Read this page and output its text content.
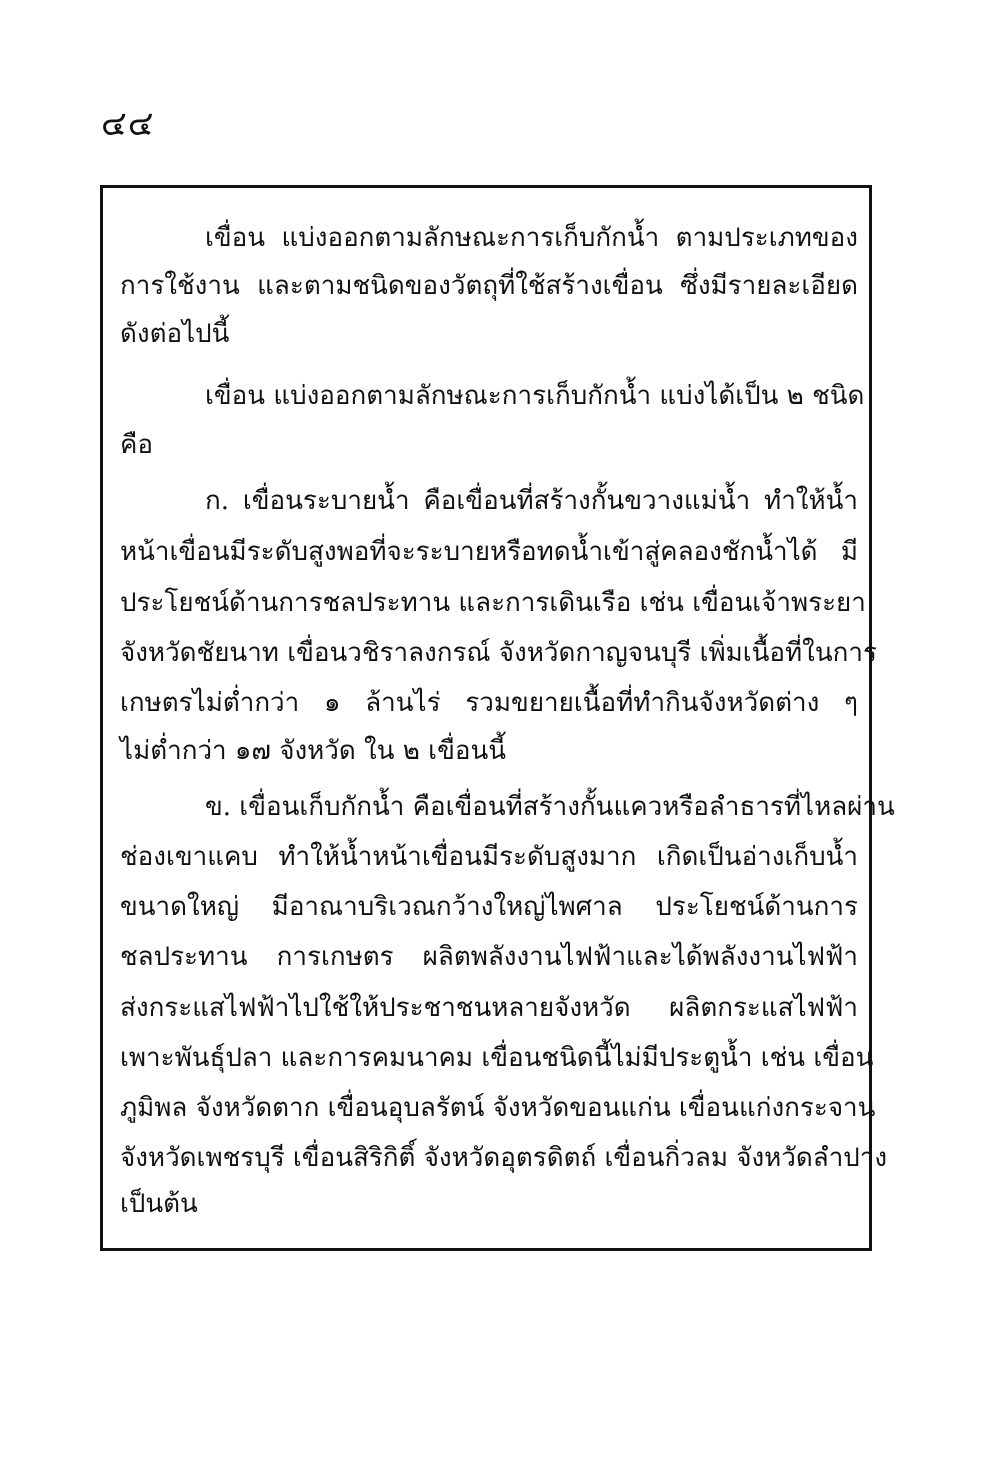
๔๔
เขื่อน แบ่งออกตามลักษณะการเก็บกักน้ำ ตามประเภทของ
การใช้งาน และตามชนิดของวัตถุที่ใช้สร้างเขื่อน ซึ่งมีรายละเอียด
ดังต่อไปนี้
เขื่อน แบ่งออกตามลักษณะการเก็บกักน้ำ แบ่งได้เป็น ๒ ชนิด
คือ
ก. เขื่อนระบายน้ำ คือเขื่อนที่สร้างกั้นขวางแม่น้ำ ทำให้น้ำ
หน้าเขื่อนมีระดับสูงพอที่จะระบายหรือทดน้ำเข้าสู่คลองชักน้ำได้ มี
ประโยชน์ด้านการชลประทาน และการเดินเรือ เช่น เขื่อนเจ้าพระยา
จังหวัดชัยนาท เขื่อนวชิราลงกรณ์ จังหวัดกาญจนบุรี เพิ่มเนื้อที่ในการ
เกษตรไม่ต่ำกว่า ๑ ล้านไร่ รวมขยายเนื้อที่ทำกินจังหวัดต่าง ๆ
ไม่ต่ำกว่า ๑๗ จังหวัด ใน ๒ เขื่อนนี้
ข. เขื่อนเก็บกักน้ำ คือเขื่อนที่สร้างกั้นแควหรือลำธารที่ไหลผ่าน
ช่องเขาแคบ ทำให้น้ำหน้าเขื่อนมีระดับสูงมาก เกิดเป็นอ่างเก็บน้ำ
ขนาดใหญ่ มีอาณาบริเวณกว้างใหญ่ไพศาล ประโยชน์ด้านการ
ชลประทาน การเกษตร ผลิตพลังงานไฟฟ้าและได้พลังงานไฟฟ้า
ส่งกระแสไฟฟ้าไปใช้ให้ประชาชนหลายจังหวัด ผลิตกระแสไฟฟ้า
เพาะพันธุ์ปลา และการคมนาคม เขื่อนชนิดนี้ไม่มีประตูน้ำ เช่น เขื่อน
ภูมิพล จังหวัดตาก เขื่อนอุบลรัตน์ จังหวัดขอนแก่น เขื่อนแก่งกระจาน
จังหวัดเพชรบุรี เขื่อนสิริกิติ์ จังหวัดอุตรดิตถ์ เขื่อนกิ่วลม จังหวัดลำปาง
เป็นต้น
